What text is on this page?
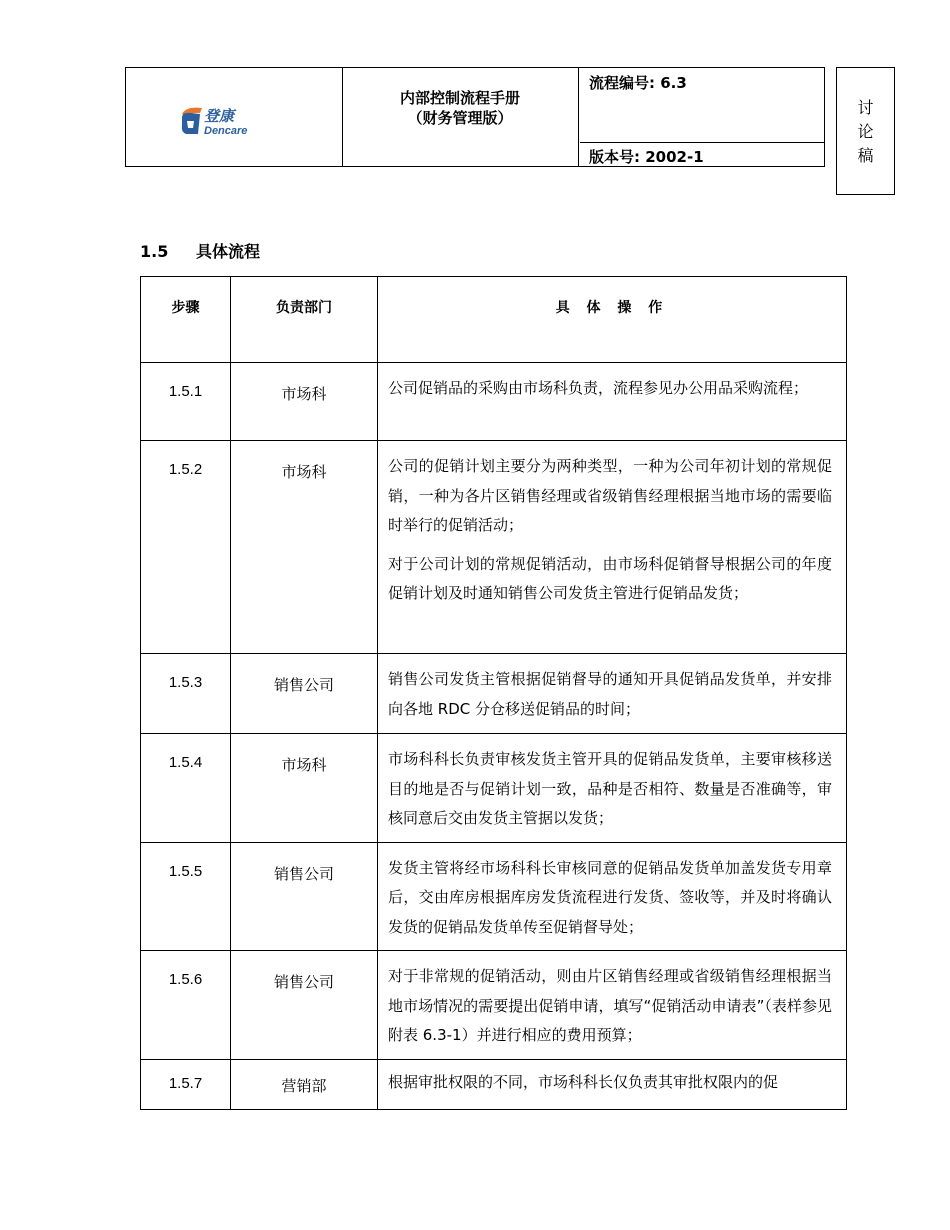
登康
Dencare
内部控制流程手册
（财务管理版）
流程编号: 6.3
版本号: 2002-1
讨
论
稿
1.5 具体流程
步骤	负责部门	具 体 操 作
1.5.1	市场科	公司促销品的采购由市场科负责，流程参见办公用品采购流程；

1.5.2	市场科	公司的促销计划主要分为两种类型，一种为公司年初计划的常规促销，一种为各片区销售经理或省级销售经理根据当地市场的需要临时举行的促销活动；

对于公司计划的常规促销活动，由市场科促销督导根据公司的年度促销计划及时通知销售公司发货主管进行促销品发货；

1.5.3	销售公司	销售公司发货主管根据促销督导的通知开具促销品发货单，并安排向各地 RDC 分仓移送促销品的时间；

1.5.4	市场科	市场科科长负责审核发货主管开具的促销品发货单，主要审核移送目的地是否与促销计划一致，品种是否相符、数量是否准确等，审核同意后交由发货主管据以发货；

1.5.5	销售公司	发货主管将经市场科科长审核同意的促销品发货单加盖发货专用章后，交由库房根据库房发货流程进行发货、签收等，并及时将确认发货的促销品发货单传至促销督导处；

1.5.6	销售公司	对于非常规的促销活动，则由片区销售经理或省级销售经理根据当地市场情况的需要提出促销申请，填写“促销活动申请表”（表样参见附表 6.3-1）并进行相应的费用预算；

1.5.7	营销部	根据审批权限的不同，市场科科长仅负责其审批权限内的促
